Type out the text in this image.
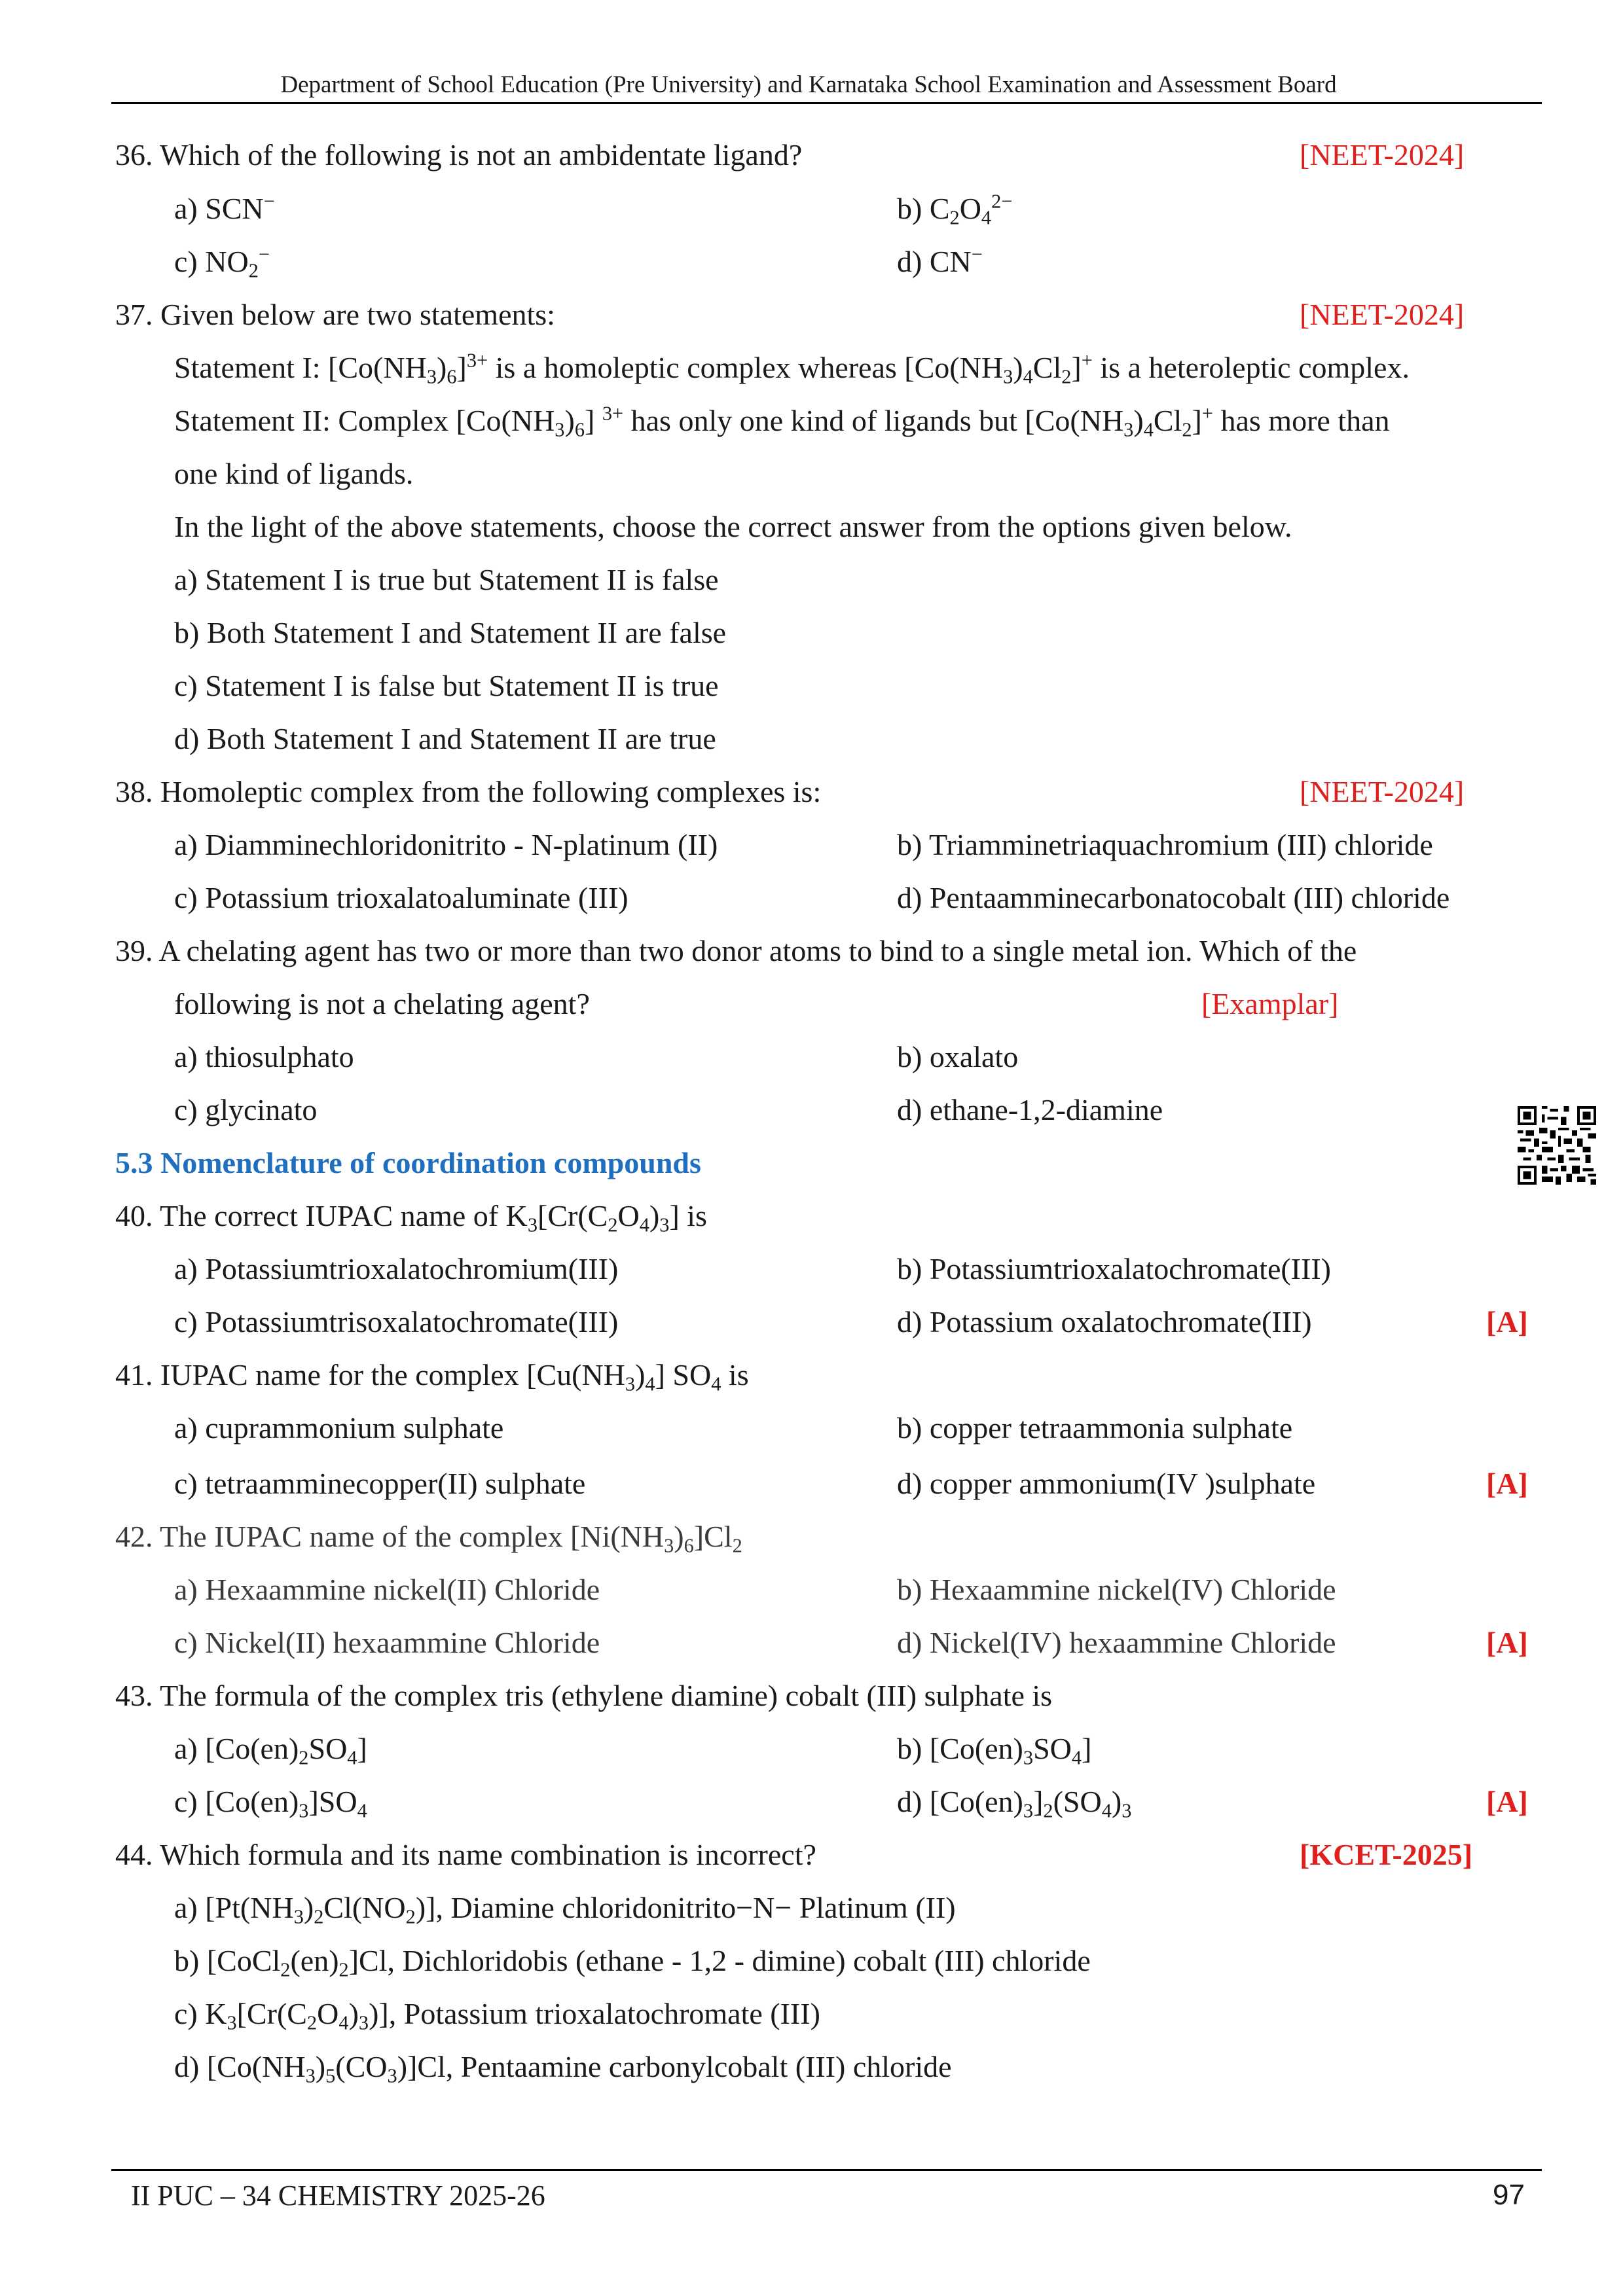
Department of School Education (Pre University) and Karnataka School Examination and Assessment Board
36. Which of the following is not an ambidentate ligand?	[NEET-2024]
a) SCN−	b) $C_2O_4^{2-}$
c) $NO_2^-$	d) CN−
37. Given below are two statements:	[NEET-2024]
Statement I: $[Co(NH_3)_6]^{3+}$ is a homoleptic complex whereas $[Co(NH_3)_4Cl_2]^+$ is a heteroleptic complex.
Statement II: Complex $[Co(NH_3)_6]$ $^{3+}$ has only one kind of ligands but $[Co(NH_3)_4Cl_2]^+$ has more than
one kind of ligands.
In the light of the above statements, choose the correct answer from the options given below.
a) Statement I is true but Statement II is false
b) Both Statement I and Statement II are false
c) Statement I is false but Statement II is true
d) Both Statement I and Statement II are true
38. Homoleptic complex from the following complexes is:	[NEET-2024]
a) Diamminechloridonitrito - N-platinum (II)	b) Triamminetriaquachromium (III) chloride
c) Potassium trioxalatoaluminate (III)	d) Pentaamminecarbonatocobalt (III) chloride
39. A chelating agent has two or more than two donor atoms to bind to a single metal ion. Which of the
following is not a chelating agent?	[Examplar]
a) thiosulphato	b) oxalato
c) glycinato	d) ethane-1,2-diamine
5.3 Nomenclature of coordination compounds
40. The correct IUPAC name of $K_3[Cr(C_2O_4)_3]$ is
a) Potassiumtrioxalatochromium(III)	b) Potassiumtrioxalatochromate(III)
c) Potassiumtrisoxalatochromate(III)	d) Potassium oxalatochromate(III)	[A]
41. IUPAC name for the complex $[Cu(NH_3)_4]$ $SO_4$ is
a) cuprammonium sulphate	b) copper tetraammonia sulphate
c) tetraamminecopper(II) sulphate	d) copper ammonium(IV )sulphate	[A]
42. The IUPAC name of the complex $[Ni(NH_3)_6]Cl_2$
a) Hexaammine nickel(II) Chloride	b) Hexaammine nickel(IV) Chloride
c) Nickel(II) hexaammine Chloride	d) Nickel(IV) hexaammine Chloride	[A]
43. The formula of the complex tris (ethylene diamine) cobalt (III) sulphate is
a) $[Co(en)_2SO_4]$	b) $[Co(en)_3SO_4]$
c) $[Co(en)_3]SO_4$	d) $[Co(en)_3]_2(SO_4)_3$	[A]
44. Which formula and its name combination is incorrect?	[KCET-2025]
a) $[Pt(NH_3)_2Cl(NO_2)]$, Diamine chloridonitrito−N− Platinum (II)
b) $[CoCl_2(en)_2]Cl$, Dichloridobis (ethane - 1,2 - dimine) cobalt (III) chloride
c) $K_3[Cr(C_2O_4)_3)$], Potassium trioxalatochromate (III)
d) $[Co(NH_3)_5(CO_3)]Cl$, Pentaamine carbonylcobalt (III) chloride
II PUC – 34 CHEMISTRY 2025-26	97
